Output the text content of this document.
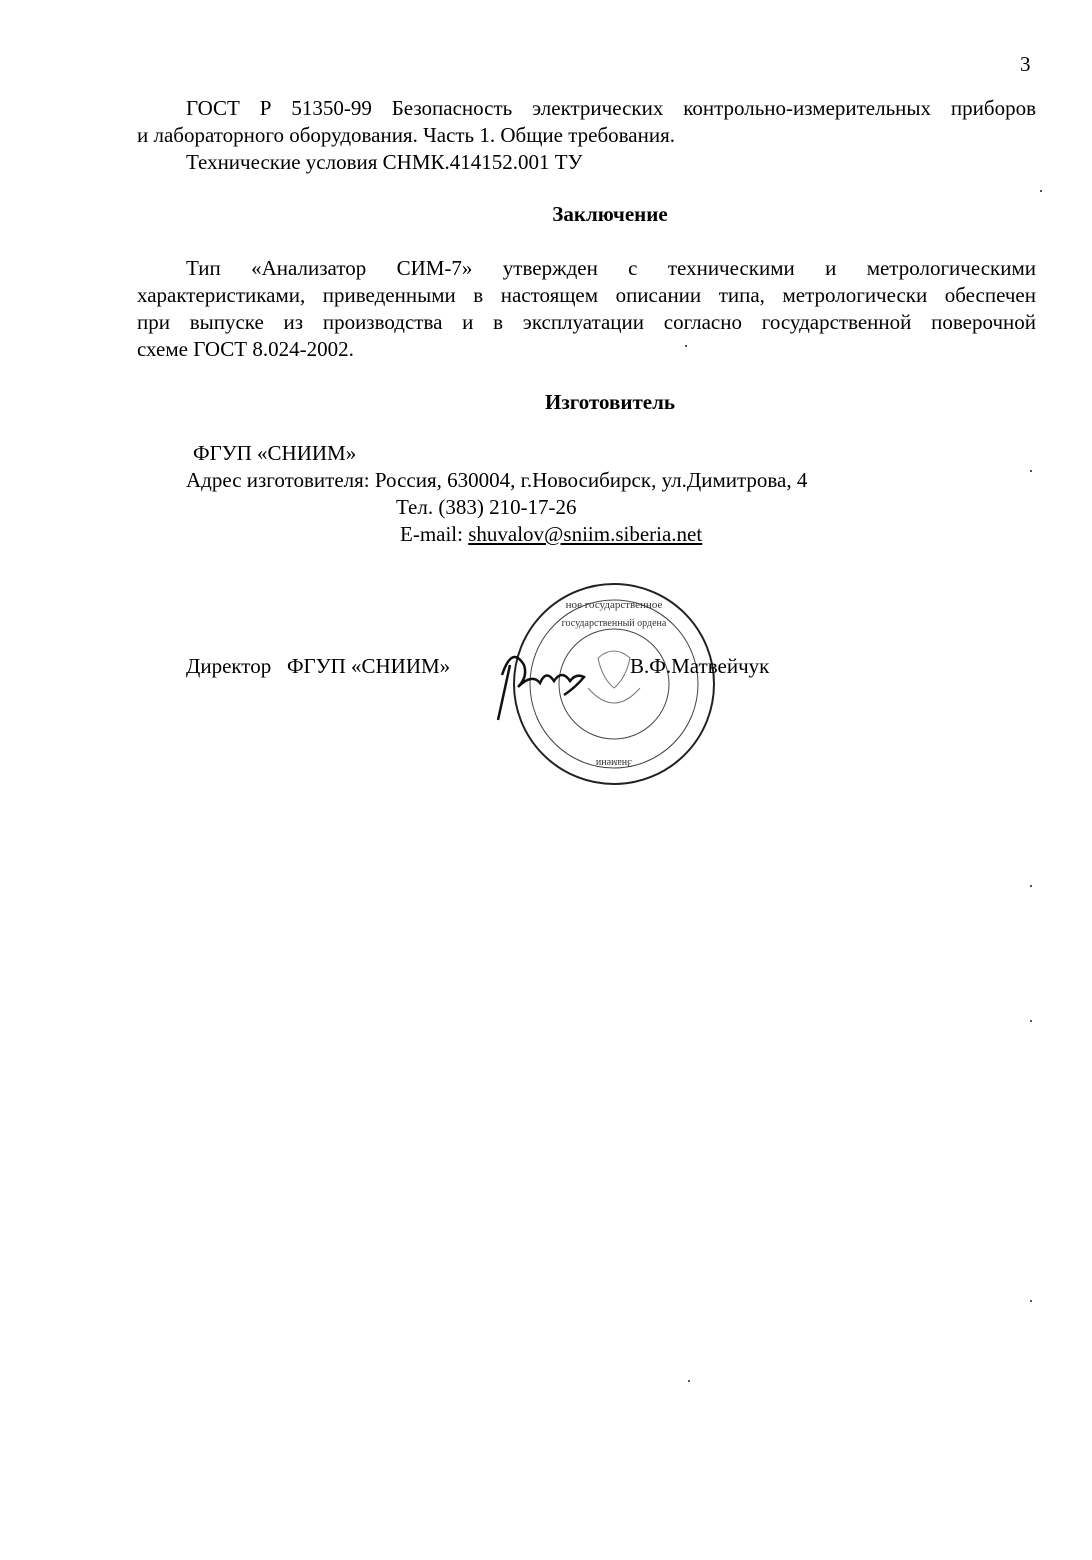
3
ГОСТ Р 51350-99 Безопасность электрических контрольно-измерительных приборов
и лабораторного оборудования. Часть 1. Общие требования.
Технические условия СНМК.414152.001 ТУ
Заключение
Тип «Анализатор СИМ-7» утвержден с техническими и метрологическими
характеристиками, приведенными в настоящем описании типа, метрологически обеспечен
при выпуске из производства и в эксплуатации согласно государственной поверочной
схеме ГОСТ 8.024-2002.
Изготовитель
ФГУП «СНИИМ»
Адрес изготовителя: Россия, 630004, г.Новосибирск, ул.Димитрова, 4
Тел. (383) 210-17-26
E-mail: shuvalov@sniim.siberia.net
Директор ФГУП «СНИИМ»
ное государственное
государственный ордена
Знамени
В.Ф.Матвейчук
